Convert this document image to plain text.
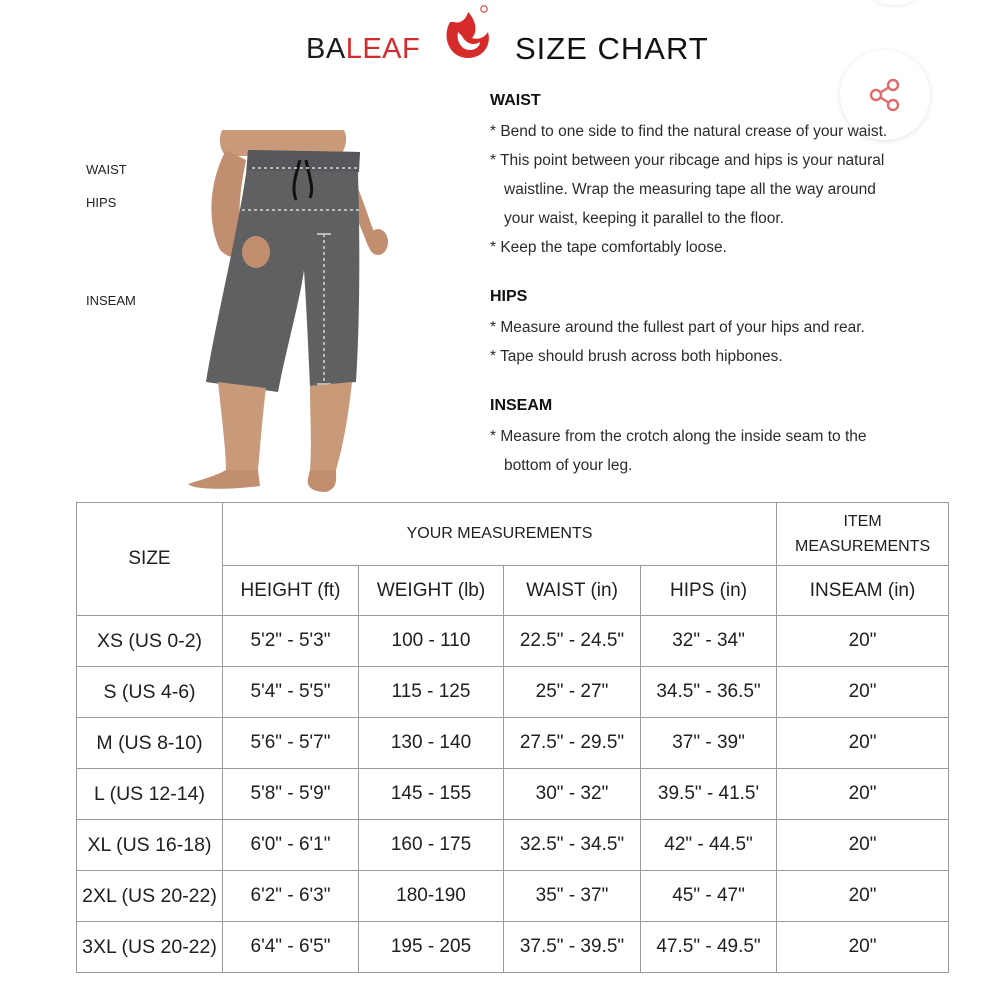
BALEAF	SIZE CHART
WAIST
HIPS
INSEAM
WAIST
* Bend to one side to find the natural crease of your waist.
* This point between your ribcage and hips is your natural
waistline. Wrap the measuring tape all the way around
your waist, keeping it parallel to the floor.
* Keep the tape comfortably loose.
HIPS
* Measure around the fullest part of your hips and rear.
* Tape should brush across both hipbones.
INSEAM
* Measure from the crotch along the inside seam to the
bottom of your leg.
SIZE	YOUR MEASUREMENTS				ITEM
MEASUREMENTS
	HEIGHT (ft)	WEIGHT (lb)	WAIST (in)	HIPS (in)	INSEAM (in)
XS (US 0-2)	5'2" - 5'3"	100 - 110	22.5" - 24.5"	32" - 34"	20"
S (US 4-6)	5'4" - 5'5"	115 - 125	25" - 27"	34.5" - 36.5"	20"
M (US 8-10)	5'6" - 5'7"	130 - 140	27.5" - 29.5"	37" - 39"	20"
L (US 12-14)	5'8" - 5'9"	145 - 155	30" - 32"	39.5" - 41.5'	20"
XL (US 16-18)	6'0" - 6'1"	160 - 175	32.5" - 34.5"	42" - 44.5"	20"
2XL (US 20-22)	6'2" - 6'3"	180-190	35" - 37"	45" - 47"	20"
3XL (US 20-22)	6'4" - 6'5"	195 - 205	37.5" - 39.5"	47.5" - 49.5"	20"
